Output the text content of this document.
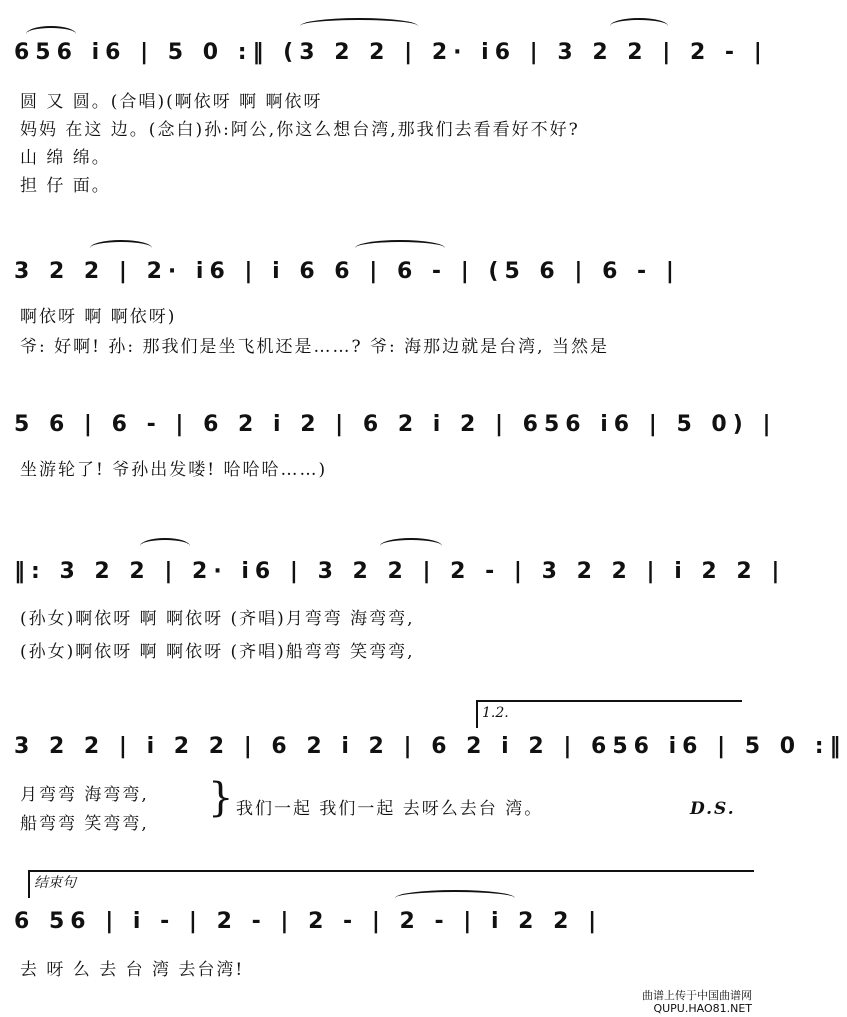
656 i6 | 5 0 :‖ (3 2 2 | 2· i6 | 3 2 2 | 2 - |
圆 又 圆。(合唱)(啊依呀 啊 啊依呀
妈妈 在这 边。(念白)孙:阿公,你这么想台湾,那我们去看看好不好?
山 绵 绵。
担 仔 面。
3 2 2 | 2· i6 | i 6 6 | 6 - | (5 6 | 6 - |
啊依呀 啊 啊依呀)
爷: 好啊! 孙: 那我们是坐飞机还是……? 爷: 海那边就是台湾, 当然是
5 6 | 6 - | 6 2 i 2 | 6 2 i 2 | 656 i6 | 5 0) |
坐游轮了! 爷孙出发喽! 哈哈哈……)
‖: 3 2 2 | 2· i6 | 3 2 2 | 2 - | 3 2 2 | i 2 2 |
(孙女)啊依呀 啊 啊依呀 (齐唱)月弯弯 海弯弯,
(孙女)啊依呀 啊 啊依呀 (齐唱)船弯弯 笑弯弯,
1.2.
3 2 2 | i 2 2 | 6 2 i 2 | 6 2 i 2 | 656 i6 | 5 0 :‖
月弯弯 海弯弯,
船弯弯 笑弯弯,
} 我们一起 我们一起 去呀么去台 湾。	D.S.
结束句
6 56 | i - | 2 - | 2 - | 2 - | i 2 2 |
去 呀 么 去 台 湾 去台湾!
曲谱上传于中国曲谱网
QUPU.HAO81.NET
